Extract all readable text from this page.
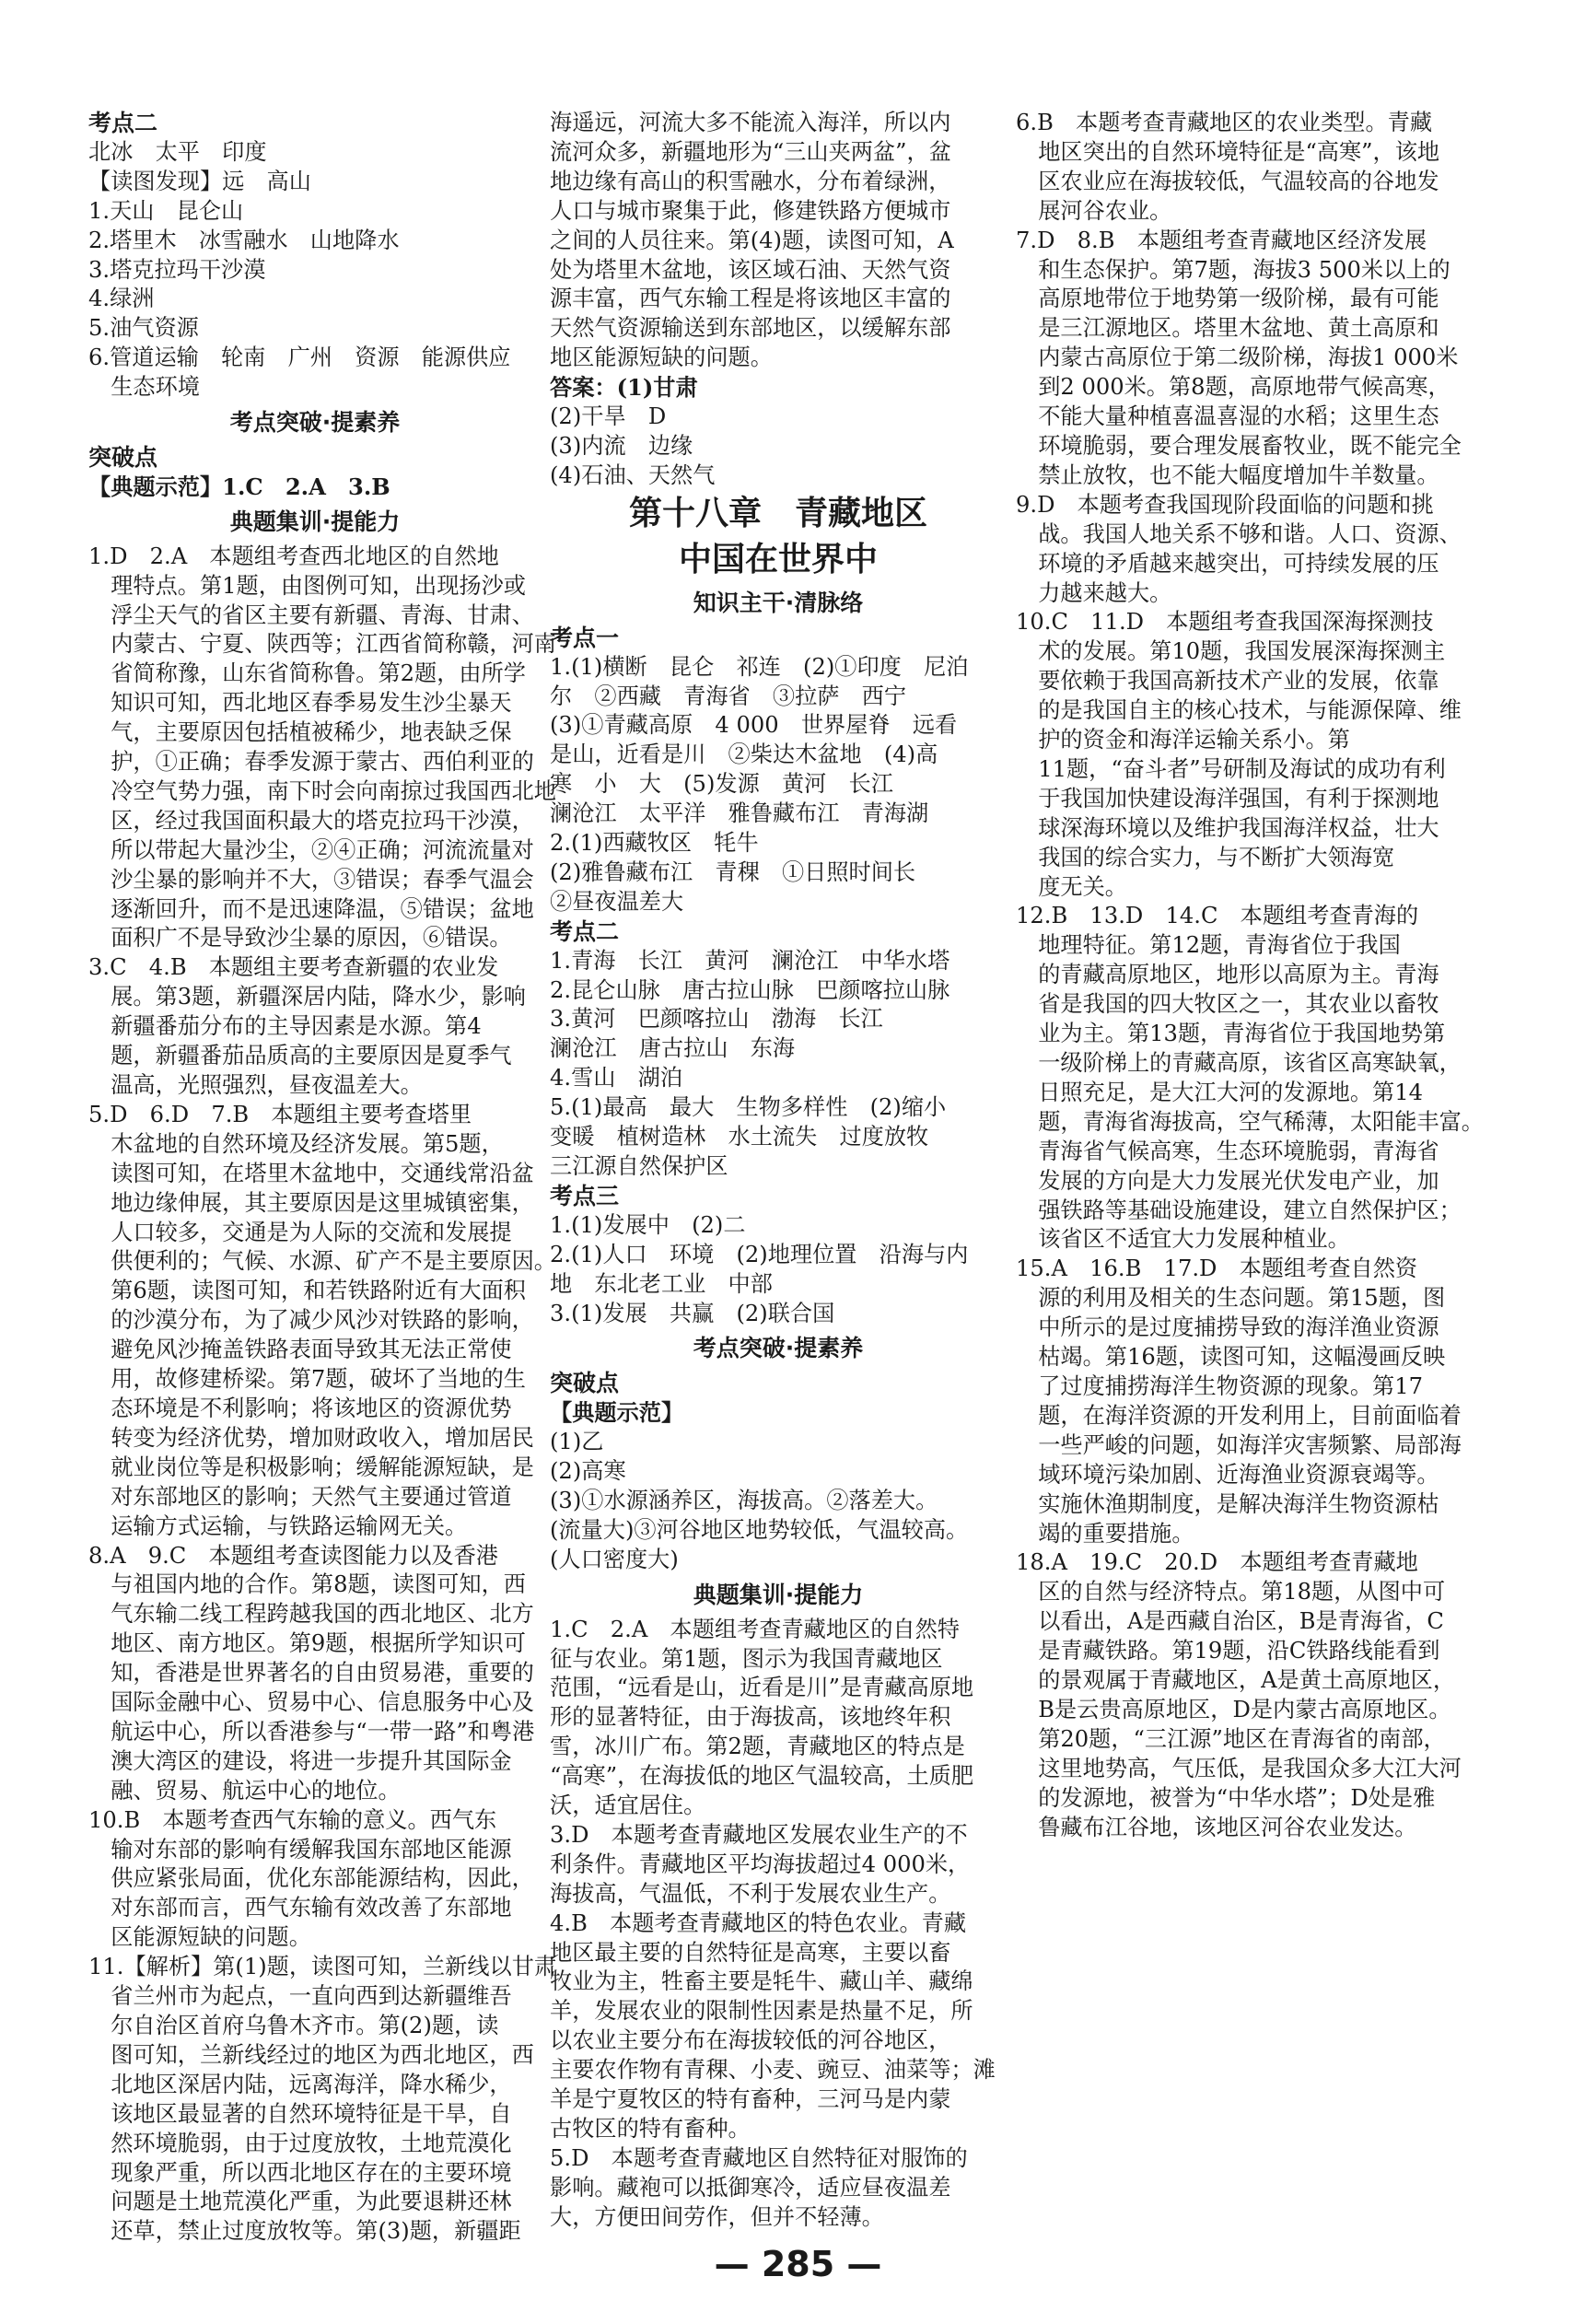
考点二
北冰　太平　印度
【读图发现】远　高山
1.天山　昆仑山
2.塔里木　冰雪融水　山地降水
3.塔克拉玛干沙漠
4.绿洲
5.油气资源
6.管道运输　轮南　广州　资源　能源供应
　生态环境
考点突破·提素养
突破点
【典题示范】1.C　2.A　3.B
典题集训·提能力
1.D　2.A　本题组考查西北地区的自然地
　理特点。第1题，由图例可知，出现扬沙或
　浮尘天气的省区主要有新疆、青海、甘肃、
　内蒙古、宁夏、陕西等；江西省简称赣，河南
　省简称豫，山东省简称鲁。第2题，由所学
　知识可知，西北地区春季易发生沙尘暴天
　气，主要原因包括植被稀少，地表缺乏保
　护，①正确；春季发源于蒙古、西伯利亚的
　冷空气势力强，南下时会向南掠过我国西北地
　区，经过我国面积最大的塔克拉玛干沙漠，
　所以带起大量沙尘，②④正确；河流流量对
　沙尘暴的影响并不大，③错误；春季气温会
　逐渐回升，而不是迅速降温，⑤错误；盆地
　面积广不是导致沙尘暴的原因，⑥错误。
3.C　4.B　本题组主要考查新疆的农业发
　展。第3题，新疆深居内陆，降水少，影响
　新疆番茄分布的主导因素是水源。第4
　题，新疆番茄品质高的主要原因是夏季气
　温高，光照强烈，昼夜温差大。
5.D　6.D　7.B　本题组主要考查塔里
　木盆地的自然环境及经济发展。第5题，
　读图可知，在塔里木盆地中，交通线常沿盆
　地边缘伸展，其主要原因是这里城镇密集，
　人口较多，交通是为人际的交流和发展提
　供便利的；气候、水源、矿产不是主要原因。
　第6题，读图可知，和若铁路附近有大面积
　的沙漠分布，为了减少风沙对铁路的影响，
　避免风沙掩盖铁路表面导致其无法正常使
　用，故修建桥梁。第7题，破坏了当地的生
　态环境是不利影响；将该地区的资源优势
　转变为经济优势，增加财政收入，增加居民
　就业岗位等是积极影响；缓解能源短缺，是
　对东部地区的影响；天然气主要通过管道
　运输方式运输，与铁路运输网无关。
8.A　9.C　本题组考查读图能力以及香港
　与祖国内地的合作。第8题，读图可知，西
　气东输二线工程跨越我国的西北地区、北方
　地区、南方地区。第9题，根据所学知识可
　知，香港是世界著名的自由贸易港，重要的
　国际金融中心、贸易中心、信息服务中心及
　航运中心，所以香港参与“一带一路”和粤港
　澳大湾区的建设，将进一步提升其国际金
　融、贸易、航运中心的地位。
10.B　本题考查西气东输的意义。西气东
　输对东部的影响有缓解我国东部地区能源
　供应紧张局面，优化东部能源结构，因此，
　对东部而言，西气东输有效改善了东部地
　区能源短缺的问题。
11.【解析】第(1)题，读图可知，兰新线以甘肃
　省兰州市为起点，一直向西到达新疆维吾
　尔自治区首府乌鲁木齐市。第(2)题，读
　图可知，兰新线经过的地区为西北地区，西
　北地区深居内陆，远离海洋，降水稀少，
　该地区最显著的自然环境特征是干旱，自
　然环境脆弱，由于过度放牧，土地荒漠化
　现象严重，所以西北地区存在的主要环境
　问题是土地荒漠化严重，为此要退耕还林
　还草，禁止过度放牧等。第(3)题，新疆距
海遥远，河流大多不能流入海洋，所以内
流河众多，新疆地形为“三山夹两盆”，盆
地边缘有高山的积雪融水，分布着绿洲，
人口与城市聚集于此，修建铁路方便城市
之间的人员往来。第(4)题，读图可知，A
处为塔里木盆地，该区域石油、天然气资
源丰富，西气东输工程是将该地区丰富的
天然气资源输送到东部地区，以缓解东部
地区能源短缺的问题。
答案：(1)甘肃
(2)干旱　D
(3)内流　边缘
(4)石油、天然气
第十八章　青藏地区
中国在世界中
知识主干·清脉络
考点一
1.(1)横断　昆仑　祁连　(2)①印度　尼泊
尔　②西藏　青海省　③拉萨　西宁
(3)①青藏高原　4 000　世界屋脊　远看
是山，近看是川　②柴达木盆地　(4)高
寒　小　大　(5)发源　黄河　长江
澜沧江　太平洋　雅鲁藏布江　青海湖
2.(1)西藏牧区　牦牛
(2)雅鲁藏布江　青稞　①日照时间长
②昼夜温差大
考点二
1.青海　长江　黄河　澜沧江　中华水塔
2.昆仑山脉　唐古拉山脉　巴颜喀拉山脉
3.黄河　巴颜喀拉山　渤海　长江
澜沧江　唐古拉山　东海
4.雪山　湖泊
5.(1)最高　最大　生物多样性　(2)缩小
变暖　植树造林　水土流失　过度放牧
三江源自然保护区
考点三
1.(1)发展中　(2)二
2.(1)人口　环境　(2)地理位置　沿海与内
地　东北老工业　中部
3.(1)发展　共赢　(2)联合国
考点突破·提素养
突破点
【典题示范】
(1)乙
(2)高寒
(3)①水源涵养区，海拔高。②落差大。
(流量大)③河谷地区地势较低，气温较高。
(人口密度大)
典题集训·提能力
1.C　2.A　本题组考查青藏地区的自然特
征与农业。第1题，图示为我国青藏地区
范围，“远看是山，近看是川”是青藏高原地
形的显著特征，由于海拔高，该地终年积
雪，冰川广布。第2题，青藏地区的特点是
“高寒”，在海拔低的地区气温较高，土质肥
沃，适宜居住。
3.D　本题考查青藏地区发展农业生产的不
利条件。青藏地区平均海拔超过4 000米，
海拔高，气温低，不利于发展农业生产。
4.B　本题考查青藏地区的特色农业。青藏
地区最主要的自然特征是高寒，主要以畜
牧业为主，牲畜主要是牦牛、藏山羊、藏绵
羊，发展农业的限制性因素是热量不足，所
以农业主要分布在海拔较低的河谷地区，
主要农作物有青稞、小麦、豌豆、油菜等；滩
羊是宁夏牧区的特有畜种，三河马是内蒙
古牧区的特有畜种。
5.D　本题考查青藏地区自然特征对服饰的
影响。藏袍可以抵御寒冷，适应昼夜温差
大，方便田间劳作，但并不轻薄。
6.B　本题考查青藏地区的农业类型。青藏
　地区突出的自然环境特征是“高寒”，该地
　区农业应在海拔较低，气温较高的谷地发
　展河谷农业。
7.D　8.B　本题组考查青藏地区经济发展
　和生态保护。第7题，海拔3 500米以上的
　高原地带位于地势第一级阶梯，最有可能
　是三江源地区。塔里木盆地、黄土高原和
　内蒙古高原位于第二级阶梯，海拔1 000米
　到2 000米。第8题，高原地带气候高寒，
　不能大量种植喜温喜湿的水稻；这里生态
　环境脆弱，要合理发展畜牧业，既不能完全
　禁止放牧，也不能大幅度增加牛羊数量。
9.D　本题考查我国现阶段面临的问题和挑
　战。我国人地关系不够和谐。人口、资源、
　环境的矛盾越来越突出，可持续发展的压
　力越来越大。
10.C　11.D　本题组考查我国深海探测技
　术的发展。第10题，我国发展深海探测主
　要依赖于我国高新技术产业的发展，依靠
　的是我国自主的核心技术，与能源保障、维
　护的资金和海洋运输关系小。第
　11题，“奋斗者”号研制及海试的成功有利
　于我国加快建设海洋强国，有利于探测地
　球深海环境以及维护我国海洋权益，壮大
　我国的综合实力，与不断扩大领海宽
　度无关。
12.B　13.D　14.C　本题组考查青海的
　地理特征。第12题，青海省位于我国
　的青藏高原地区，地形以高原为主。青海
　省是我国的四大牧区之一，其农业以畜牧
　业为主。第13题，青海省位于我国地势第
　一级阶梯上的青藏高原，该省区高寒缺氧，
　日照充足，是大江大河的发源地。第14
　题，青海省海拔高，空气稀薄，太阳能丰富。
　青海省气候高寒，生态环境脆弱，青海省
　发展的方向是大力发展光伏发电产业，加
　强铁路等基础设施建设，建立自然保护区；
　该省区不适宜大力发展种植业。
15.A　16.B　17.D　本题组考查自然资
　源的利用及相关的生态问题。第15题，图
　中所示的是过度捕捞导致的海洋渔业资源
　枯竭。第16题，读图可知，这幅漫画反映
　了过度捕捞海洋生物资源的现象。第17
　题，在海洋资源的开发利用上，目前面临着
　一些严峻的问题，如海洋灾害频繁、局部海
　域环境污染加剧、近海渔业资源衰竭等。
　实施休渔期制度，是解决海洋生物资源枯
　竭的重要措施。
18.A　19.C　20.D　本题组考查青藏地
　区的自然与经济特点。第18题，从图中可
　以看出，A是西藏自治区，B是青海省，C
　是青藏铁路。第19题，沿C铁路线能看到
　的景观属于青藏地区，A是黄土高原地区，
　B是云贵高原地区，D是内蒙古高原地区。
　第20题，“三江源”地区在青海省的南部，
　这里地势高，气压低，是我国众多大江大河
　的发源地，被誉为“中华水塔”；D处是雅
　鲁藏布江谷地，该地区河谷农业发达。
— 285 —
